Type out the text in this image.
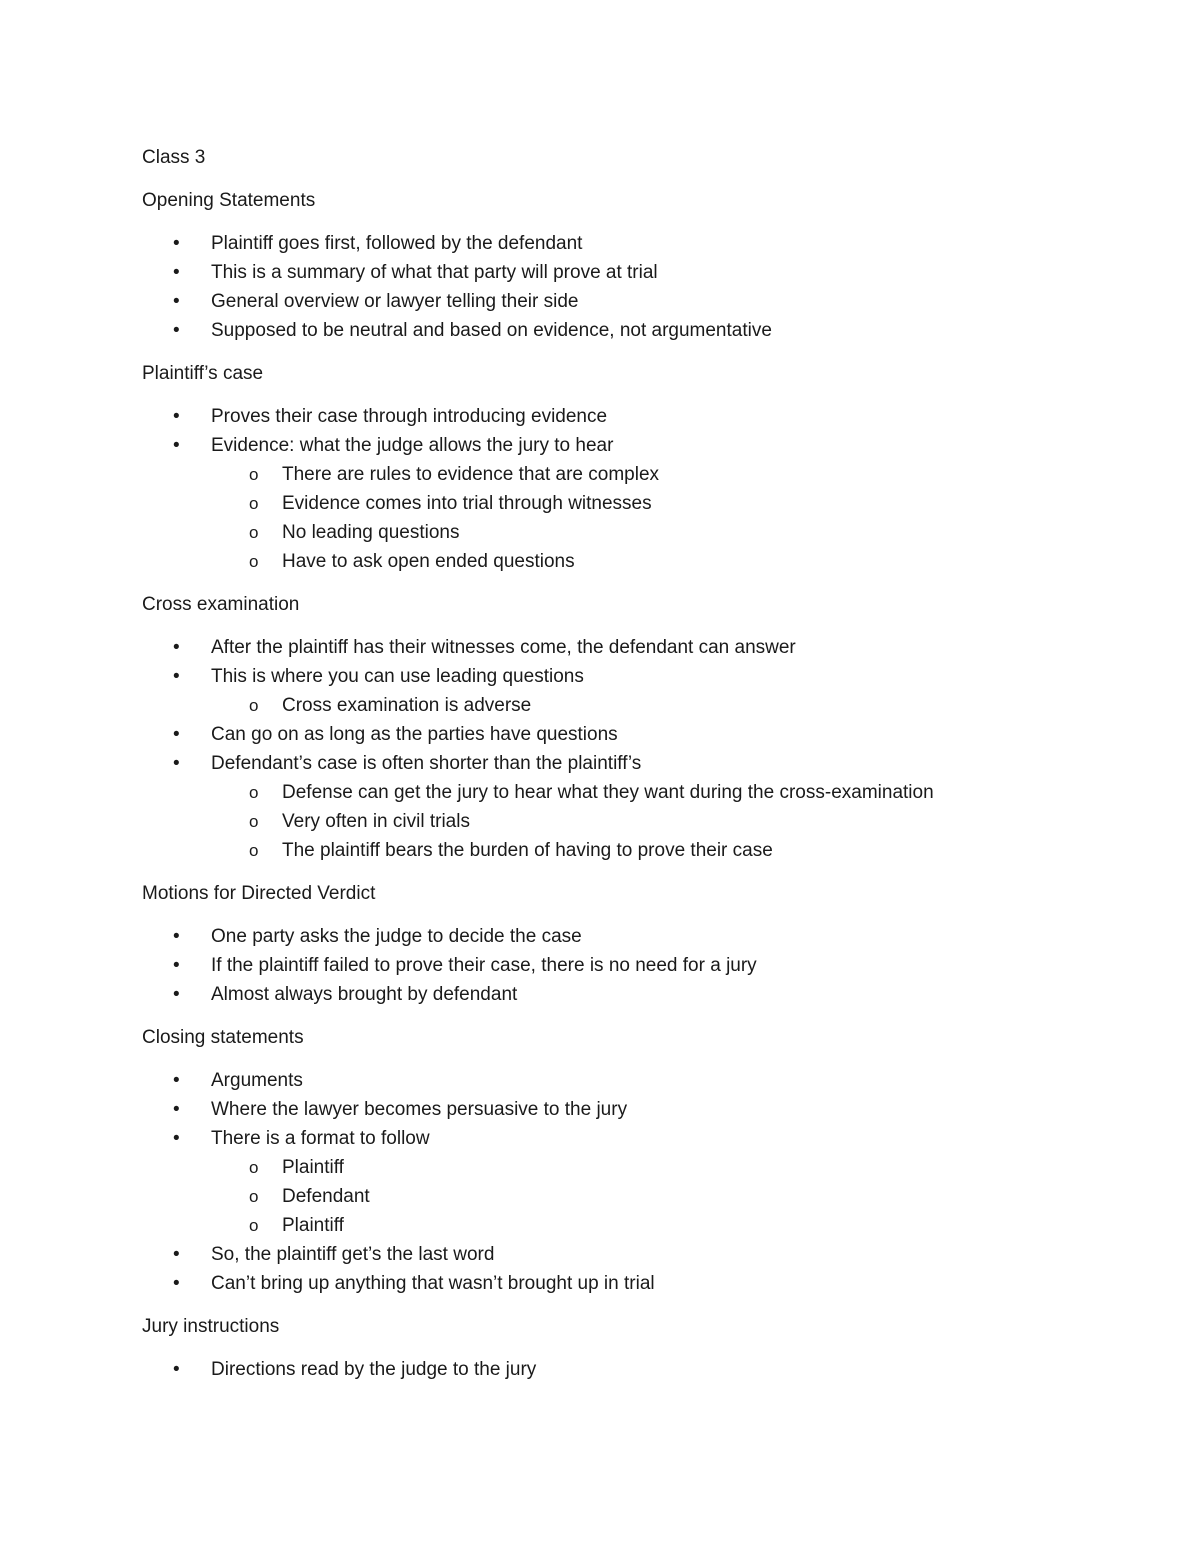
Class 3
Opening Statements
• Plaintiff goes first, followed by the defendant
• This is a summary of what that party will prove at trial
• General overview or lawyer telling their side
• Supposed to be neutral and based on evidence, not argumentative
Plaintiff’s case
• Proves their case through introducing evidence
• Evidence: what the judge allows the jury to hear
o There are rules to evidence that are complex
o Evidence comes into trial through witnesses
o No leading questions
o Have to ask open ended questions
Cross examination
• After the plaintiff has their witnesses come, the defendant can answer
• This is where you can use leading questions
o Cross examination is adverse
• Can go on as long as the parties have questions
• Defendant’s case is often shorter than the plaintiff’s
o Defense can get the jury to hear what they want during the cross-examination
o Very often in civil trials
o The plaintiff bears the burden of having to prove their case
Motions for Directed Verdict
• One party asks the judge to decide the case
• If the plaintiff failed to prove their case, there is no need for a jury
• Almost always brought by defendant
Closing statements
• Arguments
• Where the lawyer becomes persuasive to the jury
• There is a format to follow
o Plaintiff
o Defendant
o Plaintiff
• So, the plaintiff get’s the last word
• Can’t bring up anything that wasn’t brought up in trial
Jury instructions
• Directions read by the judge to the jury
